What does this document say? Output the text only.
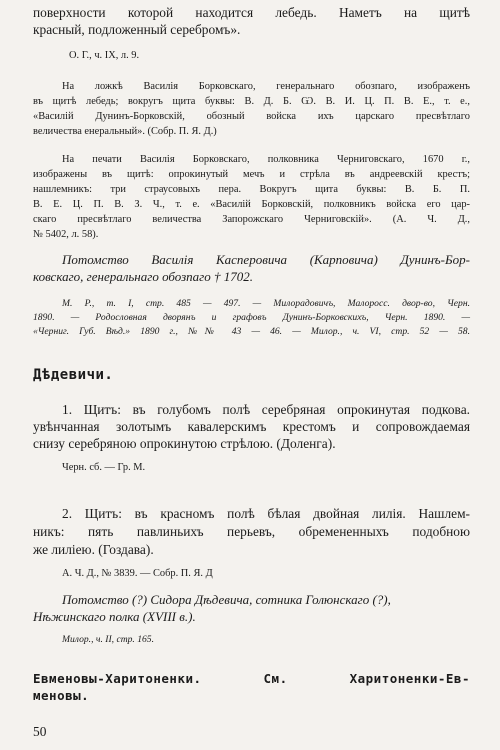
поверхности которой находится лебедь. Наметъ на щитѣ
красный, подложенный серебромъ».
О. Г., ч. IX, л. 9.
На ложкѣ Василія Борковскаго, генеральнаго обозпаго, изображенъ
въ щитѣ лебедь; вокругъ щита буквы: В. Д. Б. Ѡ. В. И. Ц. П. В. Е., т. е.,
«Василій Дунинъ-Борковскій, обозный войска ихъ царскаго пресвѣтлаго
величества енеральный». (Собр. П. Я. Д.)
На печати Василія Борковскаго, полковника Черниговскаго, 1670 г.,
изображены въ щитѣ: опрокинутый мечъ и стрѣла въ андреевскій крестъ;
нашлемникъ: три страусовыхъ пера. Вокругъ щита буквы: В. Б. П.
В. Е. Ц. П. В. З. Ч., т. е. «Василій Борковскій, полковникъ войска его цар-
скаго пресвѣтлаго величества Запорожскаго Черниговскій». (А. Ч. Д.,
№ 5402, л. 58).
Потомство Василія Касперовича (Карповича) Дунинъ-Бор-
ковскаго, генеральнаго обозпаго † 1702.
М. Р., т. I, стр. 485 — 497. — Милорадовичъ, Малоросс. двор-во, Черн.
1890. — Родословная дворянъ и графовъ Дунинъ-Борковскихъ, Черн. 1890. —
«Черниг. Губ. Вѣд.» 1890 г., №№ 43 — 46. — Милор., ч. VI, стр. 52 — 58.
Дѣдевичи.
1. Щитъ: въ голубомъ полѣ серебряная опрокинутая подкова.
увѣнчанная золотымъ кавалерскимъ крестомъ и сопровождаемая
снизу серебряною опрокинутою стрѣлою. (Доленга).
Черн. сб. — Гр. М.
2. Щитъ: въ красномъ полѣ бѣлая двойная лилія. Нашлем-
никъ: пять павлиньихъ перьевъ, обремененныхъ подобною
же лиліею. (Гоздава).
А. Ч. Д., № 3839. — Собр. П. Я. Д
Потомство (?) Сидора Дѣдевича, сотника Голюнскаго (?),
Нѣжинскаго полка (XVIII в.).
Милор., ч. II, стр. 165.
Евменовы-Харитоненки. См. Харитоненки-Ев-
меновы.
50
